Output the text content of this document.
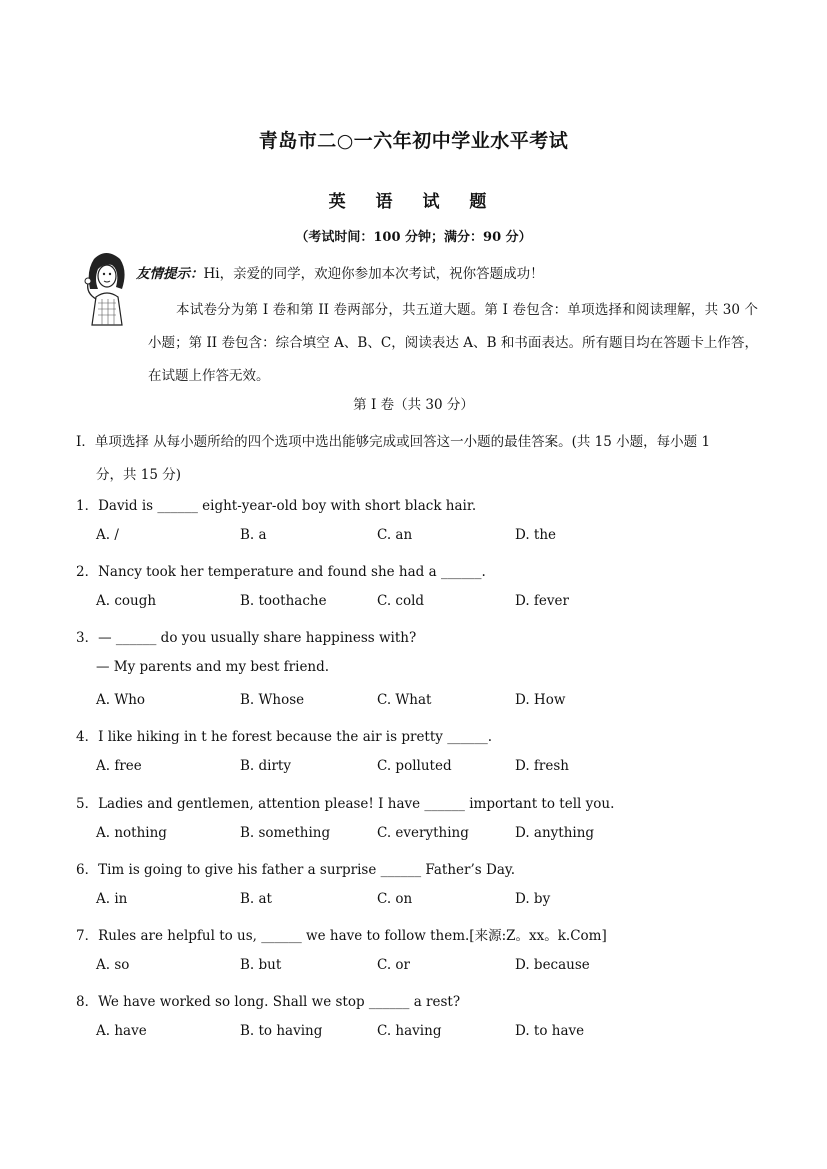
青岛市二○一六年初中学业水平考试
英 语 试 题
（考试时间：100 分钟；满分：90 分）
友情提示：Hi，亲爱的同学，欢迎你参加本次考试，祝你答题成功！
本试卷分为第 I 卷和第 II 卷两部分，共五道大题。第 I 卷包含：单项选择和阅读理解，共 30 个小题；第 II 卷包含：综合填空 A、B、C，阅读表达 A、B 和书面表达。所有题目均在答题卡上作答，在试题上作答无效。
第 I 卷（共 30 分）
I．单项选择 从每小题所给的四个选项中选出能够完成或回答这一小题的最佳答案。(共 15 小题，每小题 1
分，共 15 分)
1．David is ______ eight-year-old boy with short black hair.
A. /	B. a	C. an	D. the
2．Nancy took her temperature and found she had a ______.
A. cough	B. toothache	C. cold	D. fever
3．— ______ do you usually share happiness with?
— My parents and my best friend.
A. Who	B. Whose	C. What	D. How
4．I like hiking in t he forest because the air is pretty ______.
A. free	B. dirty	C. polluted	D. fresh
5．Ladies and gentlemen, attention please! I have ______ important to tell you.
A. nothing	B. something	C. everything	D. anything
6．Tim is going to give his father a surprise ______ Father’s Day.
A. in	B. at	C. on	D. by
7．Rules are helpful to us, ______ we have to follow them.[来源:Z。xx。k.Com]
A. so	B. but	C. or	D. because
8．We have worked so long. Shall we stop ______ a rest?
A. have	B. to having	C. having	D. to have
